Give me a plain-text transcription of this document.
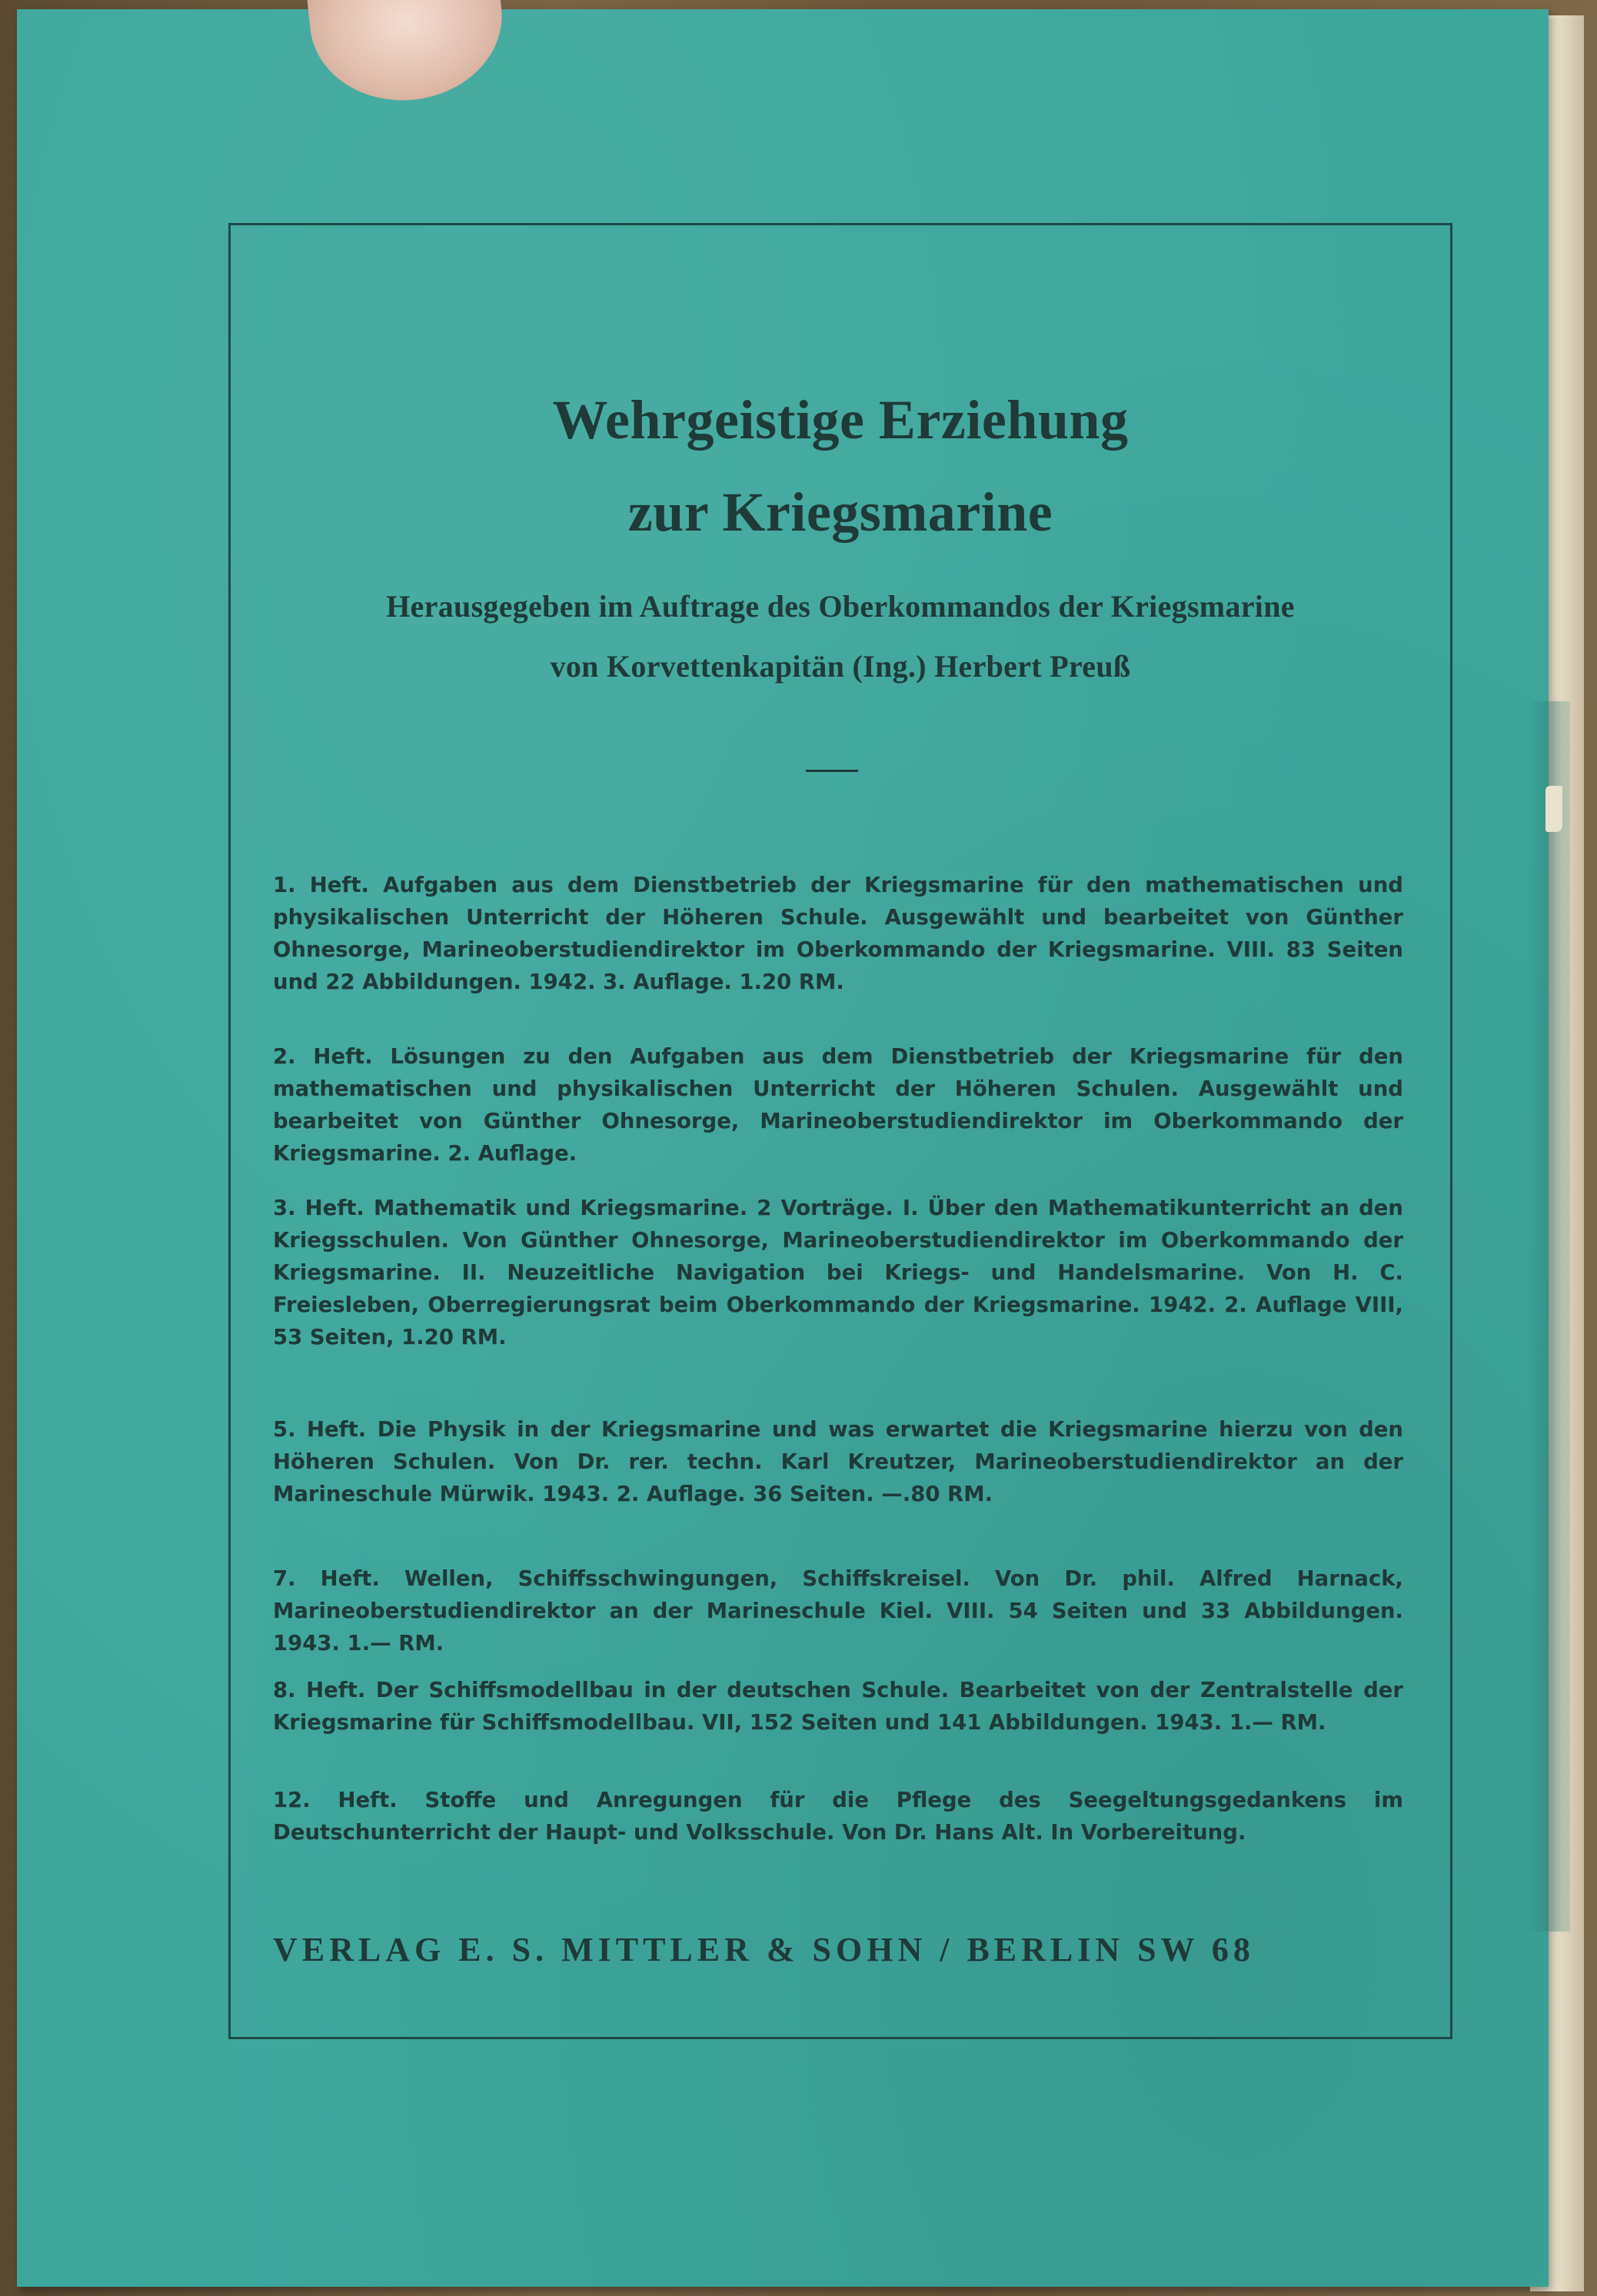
Wehrgeistige Erziehung
zur Kriegsmarine
Herausgegeben im Auftrage des Oberkommandos der Kriegsmarine
von Korvettenkapitän (Ing.) Herbert Preuß
1. Heft. Aufgaben aus dem Dienstbetrieb der Kriegsmarine für den mathematischen und physikalischen Unterricht der Höheren Schule. Ausgewählt und bearbeitet von Günther Ohnesorge, Marineoberstudiendirektor im Oberkommando der Kriegsmarine. VIII. 83 Seiten und 22 Abbildungen. 1942. 3. Auflage. 1.20 RM.
2. Heft. Lösungen zu den Aufgaben aus dem Dienstbetrieb der Kriegsmarine für den mathematischen und physikalischen Unterricht der Höheren Schulen. Ausgewählt und bearbeitet von Günther Ohnesorge, Marineoberstudiendirektor im Oberkommando der Kriegsmarine. 2. Auflage.
3. Heft. Mathematik und Kriegsmarine. 2 Vorträge. I. Über den Mathematikunterricht an den Kriegsschulen. Von Günther Ohnesorge, Marineoberstudiendirektor im Oberkommando der Kriegsmarine. II. Neuzeitliche Navigation bei Kriegs- und Handelsmarine. Von H. C. Freiesleben, Oberregierungsrat beim Oberkommando der Kriegsmarine. 1942. 2. Auflage VIII, 53 Seiten, 1.20 RM.
5. Heft. Die Physik in der Kriegsmarine und was erwartet die Kriegsmarine hierzu von den Höheren Schulen. Von Dr. rer. techn. Karl Kreutzer, Marineoberstudiendirektor an der Marineschule Mürwik. 1943. 2. Auflage. 36 Seiten. —.80 RM.
7. Heft. Wellen, Schiffsschwingungen, Schiffskreisel. Von Dr. phil. Alfred Harnack, Marineoberstudiendirektor an der Marineschule Kiel. VIII. 54 Seiten und 33 Abbildungen. 1943. 1.— RM.
8. Heft. Der Schiffsmodellbau in der deutschen Schule. Bearbeitet von der Zentralstelle der Kriegsmarine für Schiffsmodellbau. VII, 152 Seiten und 141 Abbildungen. 1943. 1.— RM.
12. Heft. Stoffe und Anregungen für die Pflege des Seegeltungsgedankens im Deutschunterricht der Haupt- und Volksschule. Von Dr. Hans Alt. In Vorbereitung.
VERLAG E. S. MITTLER & SOHN / BERLIN SW 68
